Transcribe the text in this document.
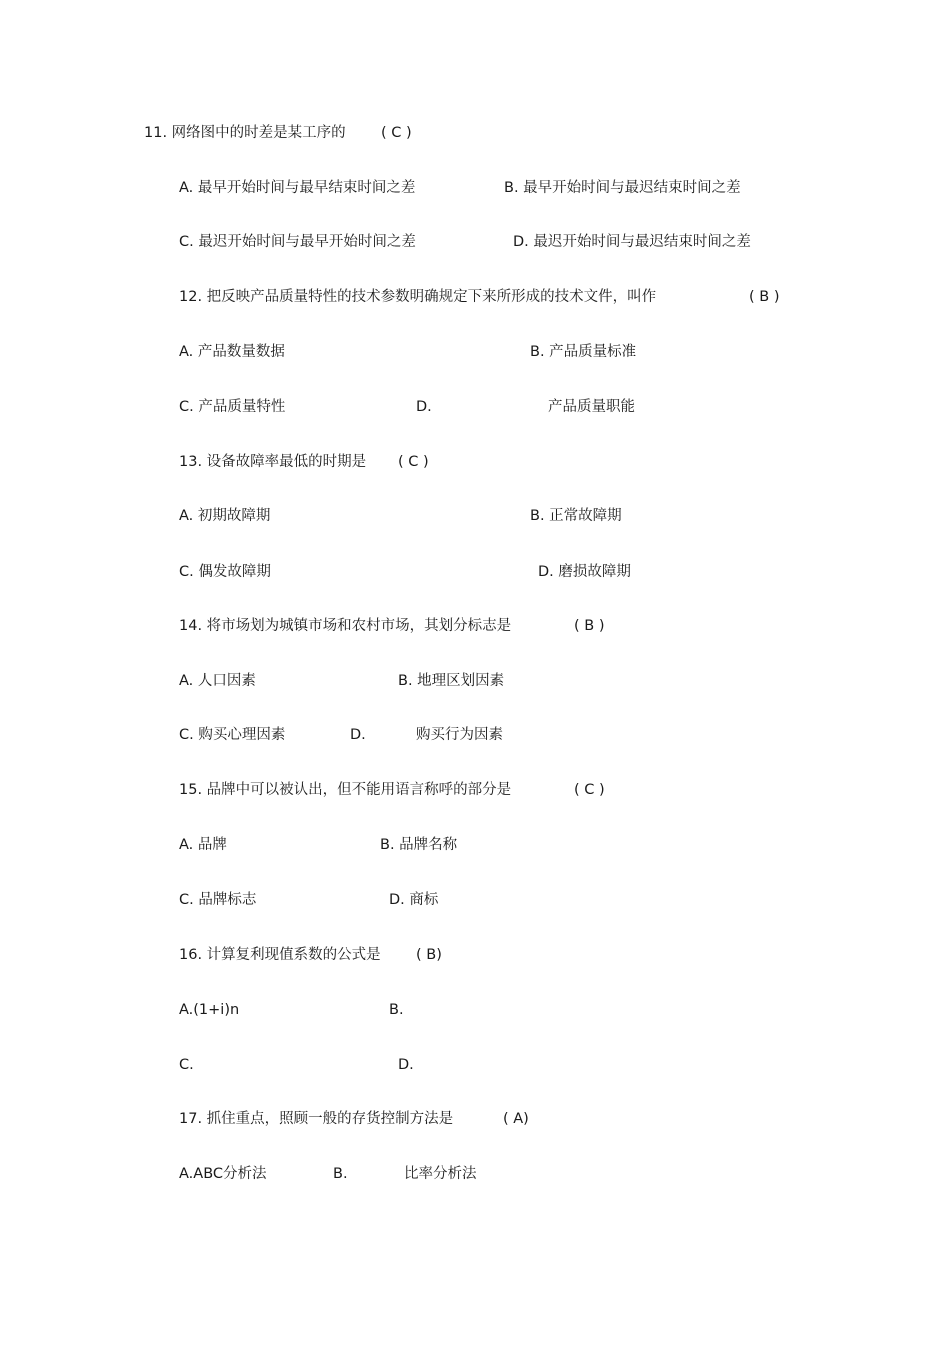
11. 网络图中的时差是某工序的 ( C )
A. 最早开始时间与最早结束时间之差	B. 最早开始时间与最迟结束时间之差
C. 最迟开始时间与最早开始时间之差	D. 最迟开始时间与最迟结束时间之差
12. 把反映产品质量特性的技术参数明确规定下来所形成的技术文件，叫作	( B )
A. 产品数量数据	B. 产品质量标准
C. 产品质量特性	D.	产品质量职能
13. 设备故障率最低的时期是 ( C )
A. 初期故障期	B. 正常故障期
C. 偶发故障期	D. 磨损故障期
14. 将市场划为城镇市场和农村市场，其划分标志是	( B )
A. 人口因素	B. 地理区划因素
C. 购买心理因素	D.	购买行为因素
15. 品牌中可以被认出，但不能用语言称呼的部分是	( C )
A. 品牌	B. 品牌名称
C. 品牌标志	D. 商标
16. 计算复利现值系数的公式是 ( B)
A.(1+i)n	B.
C.	D.
17. 抓住重点，照顾一般的存货控制方法是	( A)
A.ABC分析法	B.	比率分析法
